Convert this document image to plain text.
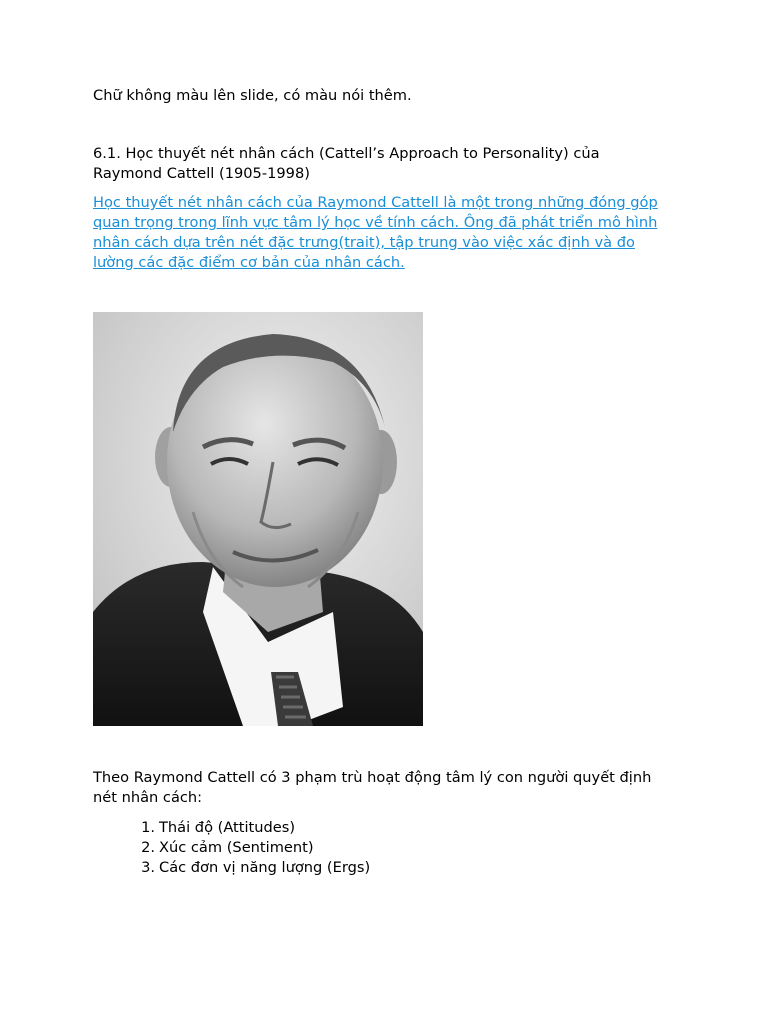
Chữ không màu lên slide, có màu nói thêm.

6.1. Học thuyết nét nhân cách (Cattell’s Approach to Personality) của Raymond Cattell (1905-1998)

Học thuyết nét nhân cách của Raymond Cattell là một trong những đóng góp quan trọng trong lĩnh vực tâm lý học về tính cách. Ông đã phát triển mô hình nhân cách dựa trên nét đặc trưng(trait), tập trung vào việc xác định và đo lường các đặc điểm cơ bản của nhân cách.

Theo Raymond Cattell có 3 phạm trù hoạt động tâm lý con người quyết định nét nhân cách:

1. Thái độ (Attitudes)
2. Xúc cảm (Sentiment)
3. Các đơn vị năng lượng (Ergs)
